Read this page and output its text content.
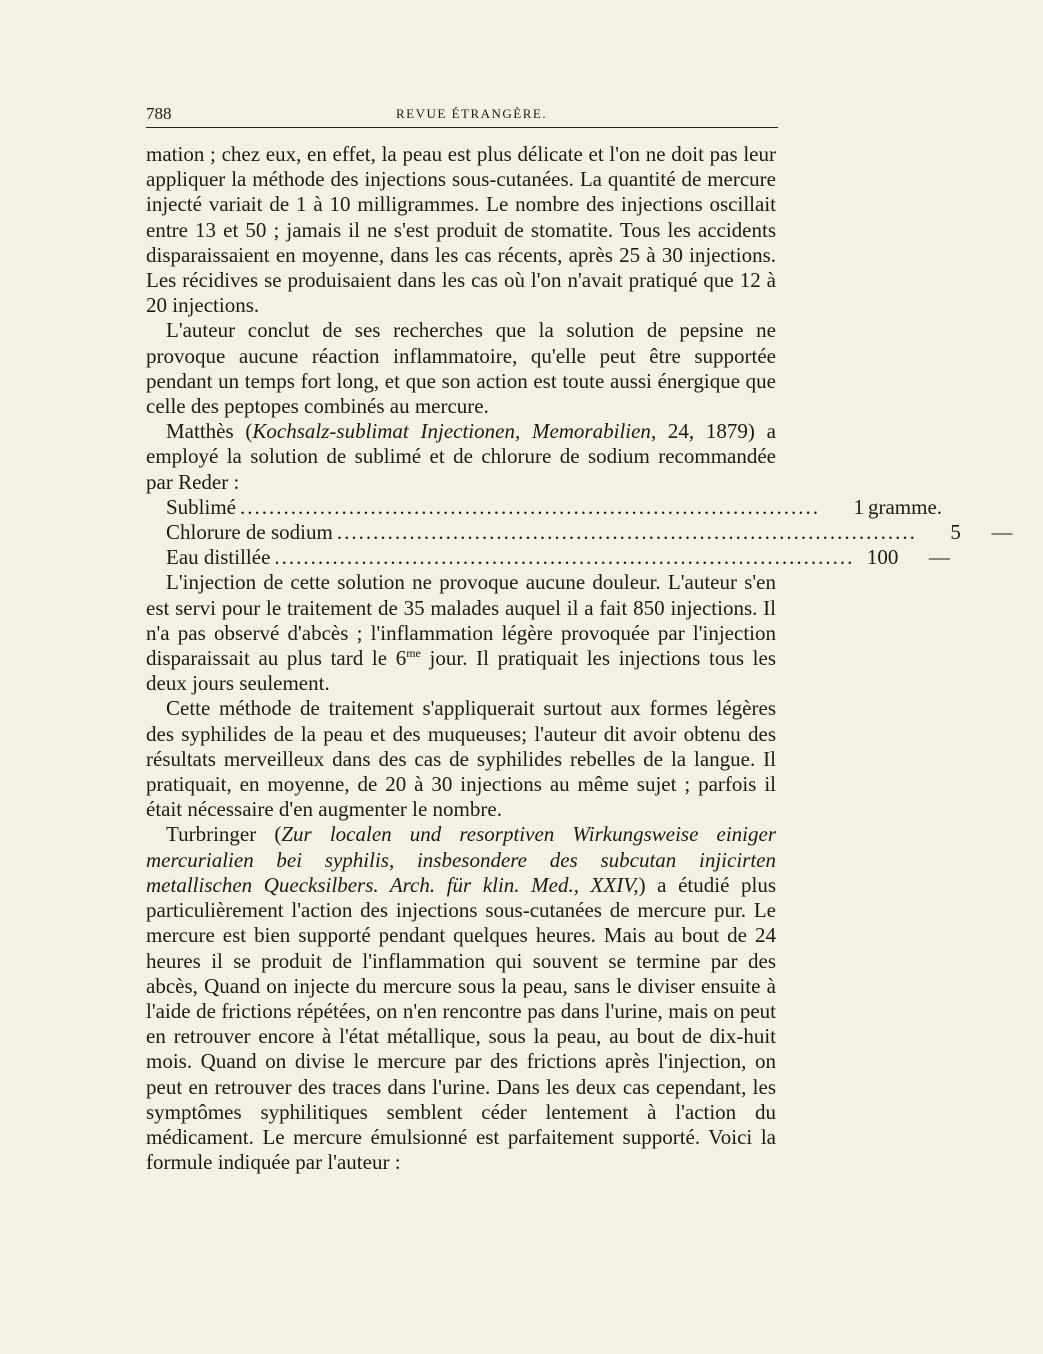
788	REVUE ÉTRANGÈRE.

mation ; chez eux, en effet, la peau est plus délicate et l'on ne doit pas leur appliquer la méthode des injections sous-cutanées. La quantité de mercure injecté variait de 1 à 10 milligrammes. Le nombre des injections oscillait entre 13 et 50 ; jamais il ne s'est produit de stomatite. Tous les accidents disparaissaient en moyenne, dans les cas récents, après 25 à 30 injections. Les récidives se produisaient dans les cas où l'on n'avait pratiqué que 12 à 20 injections.

L'auteur conclut de ses recherches que la solution de pepsine ne provoque aucune réaction inflammatoire, qu'elle peut être supportée pendant un temps fort long, et que son action est toute aussi énergique que celle des peptopes combinés au mercure.

Matthès (Kochsalz-sublimat Injectionen, Memorabilien, 24, 1879) a employé la solution de sublimé et de chlorure de sodium recommandée par Reder :

Sublimé ................................................................................	1 gramme.
Chlorure de sodium ................................................................................	5	—
Eau distillée ................................................................................ 100	—

L'injection de cette solution ne provoque aucune douleur. L'auteur s'en est servi pour le traitement de 35 malades auquel il a fait 850 injections. Il n'a pas observé d'abcès ; l'inflammation légère provoquée par l'injection disparaissait au plus tard le $6^{me}$ jour. Il pratiquait les injections tous les deux jours seulement.

Cette méthode de traitement s'appliquerait surtout aux formes légères des syphilides de la peau et des muqueuses; l'auteur dit avoir obtenu des résultats merveilleux dans des cas de syphilides rebelles de la langue. Il pratiquait, en moyenne, de 20 à 30 injections au même sujet ; parfois il était nécessaire d'en augmenter le nombre.

Turbringer (Zur localen und resorptiven Wirkungsweise einiger mercurialien bei syphilis, insbesondere des subcutan injicirten metallischen Quecksilbers. Arch. für klin. Med., XXIV,) a étudié plus particulièrement l'action des injections sous-cutanées de mercure pur. Le mercure est bien supporté pendant quelques heures. Mais au bout de 24 heures il se produit de l'inflammation qui souvent se termine par des abcès, Quand on injecte du mercure sous la peau, sans le diviser ensuite à l'aide de frictions répétées, on n'en rencontre pas dans l'urine, mais on peut en retrouver encore à l'état métallique, sous la peau, au bout de dix-huit mois. Quand on divise le mercure par des frictions après l'injection, on peut en retrouver des traces dans l'urine. Dans les deux cas cependant, les symptômes syphilitiques semblent céder lentement à l'action du médicament. Le mercure émulsionné est parfaitement supporté. Voici la formule indiquée par l'auteur :
